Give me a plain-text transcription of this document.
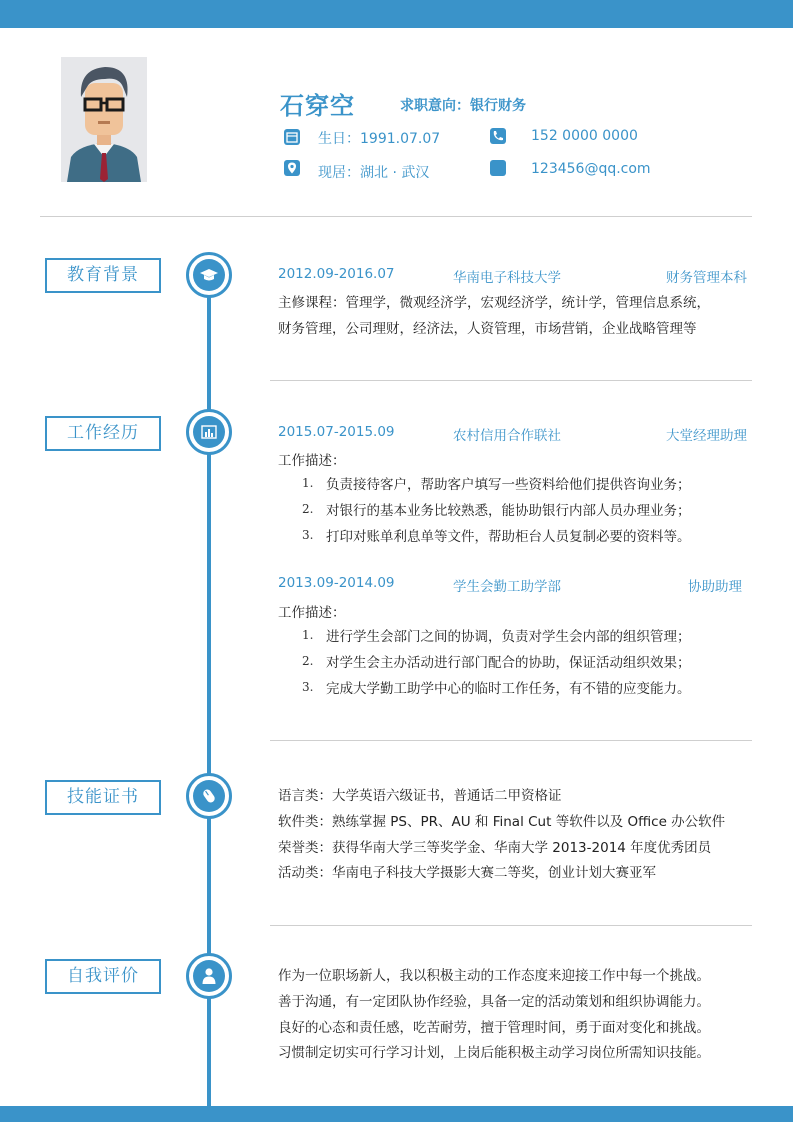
石穿空	求职意向：银行财务
生日：1991.07.07	152 0000 0000
现居：湖北 · 武汉	123456@qq.com
教育背景	2012.09-2016.07	华南电子科技大学	财务管理本科
主修课程：管理学，微观经济学，宏观经济学，统计学，管理信息系统，
财务管理，公司理财，经济法，人资管理，市场营销，企业战略管理等
工作经历	2015.07-2015.09	农村信用合作联社	大堂经理助理
工作描述：
1. 负责接待客户，帮助客户填写一些资料给他们提供咨询业务；
2. 对银行的基本业务比较熟悉，能协助银行内部人员办理业务；
3. 打印对账单利息单等文件，帮助柜台人员复制必要的资料等。
2013.09-2014.09	学生会勤工助学部	协助助理
工作描述：
1. 进行学生会部门之间的协调，负责对学生会内部的组织管理；
2. 对学生会主办活动进行部门配合的协助，保证活动组织效果；
3. 完成大学勤工助学中心的临时工作任务，有不错的应变能力。
技能证书	语言类：大学英语六级证书，普通话二甲资格证
软件类：熟练掌握 PS、PR、AU 和 Final Cut 等软件以及 Office 办公软件
荣誉类：获得华南大学三等奖学金、华南大学 2013-2014 年度优秀团员
活动类：华南电子科技大学摄影大赛二等奖，创业计划大赛亚军
自我评价	作为一位职场新人，我以积极主动的工作态度来迎接工作中每一个挑战。
善于沟通，有一定团队协作经验，具备一定的活动策划和组织协调能力。
良好的心态和责任感，吃苦耐劳，擅于管理时间，勇于面对变化和挑战。
习惯制定切实可行学习计划，上岗后能积极主动学习岗位所需知识技能。
